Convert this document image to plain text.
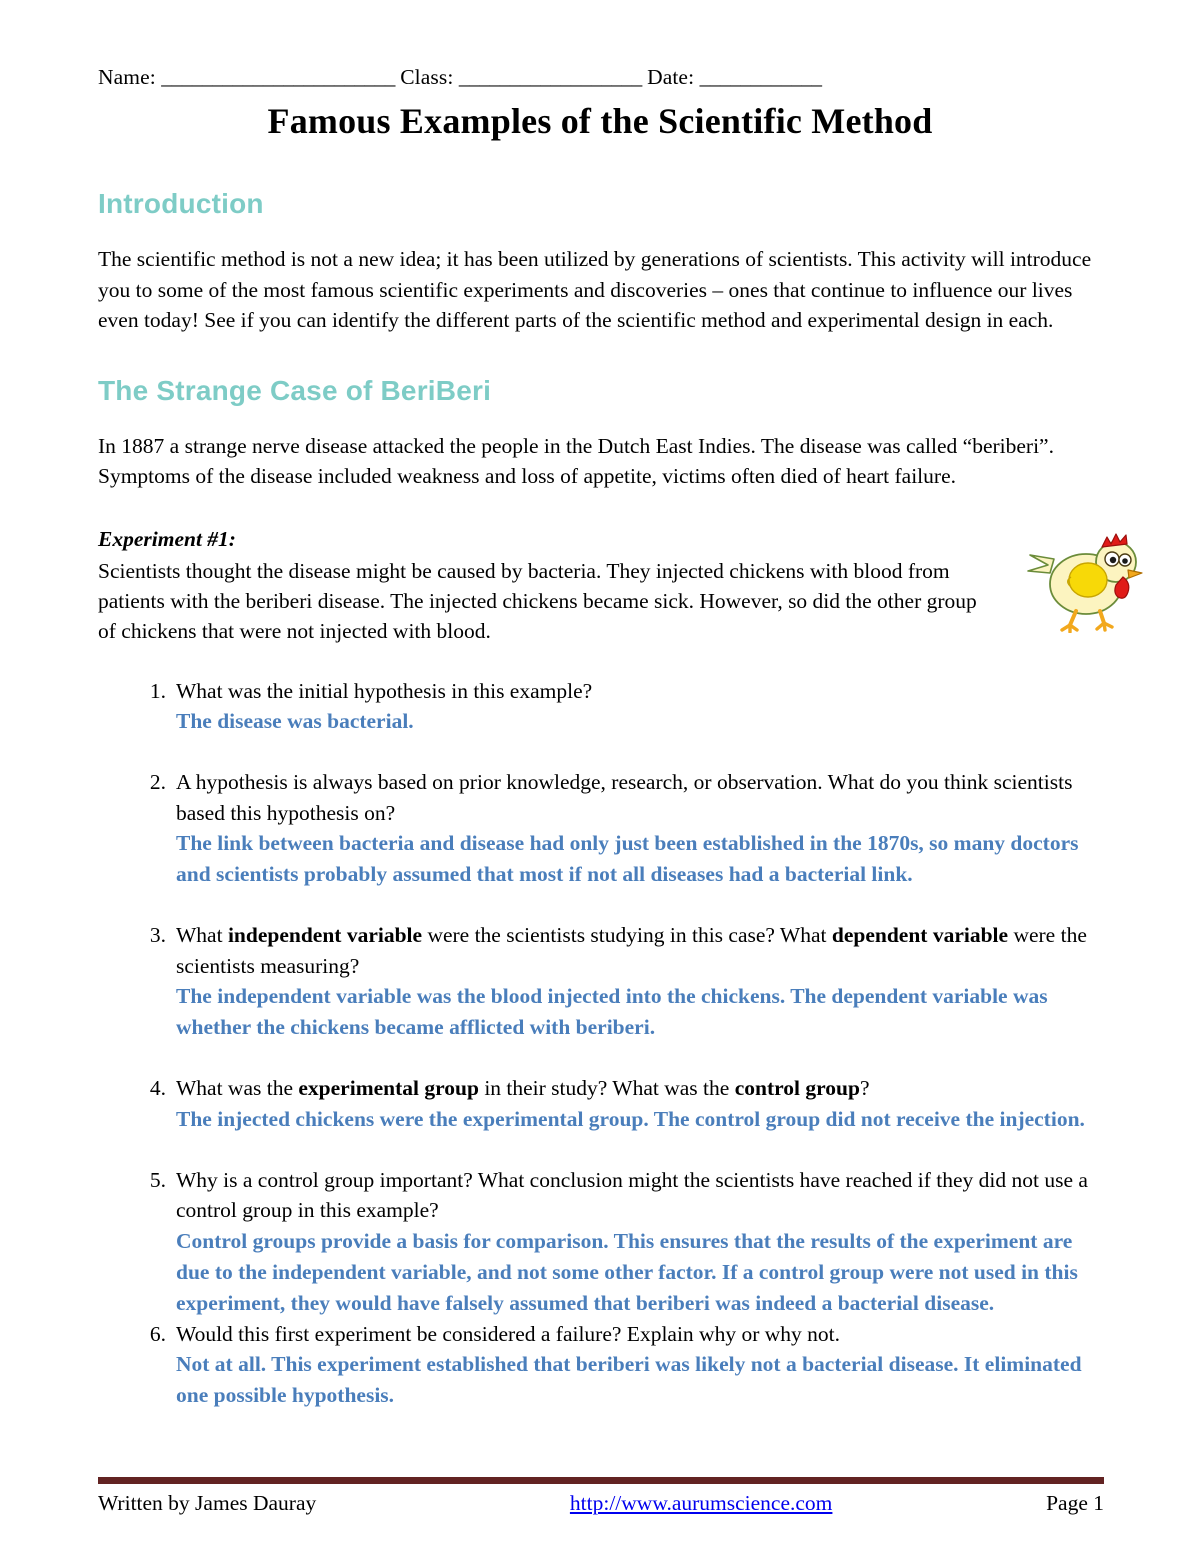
Name: _______________________ Class: __________________ Date: ____________
Famous Examples of the Scientific Method
Introduction

The scientific method is not a new idea; it has been utilized by generations of scientists. This activity will introduce you to some of the most famous scientific experiments and discoveries – ones that continue to influence our lives even today! See if you can identify the different parts of the scientific method and experimental design in each.

The Strange Case of BeriBeri

In 1887 a strange nerve disease attacked the people in the Dutch East Indies. The disease was called “beriberi”. Symptoms of the disease included weakness and loss of appetite, victims often died of heart failure.

Experiment #1:

Scientists thought the disease might be caused by bacteria. They injected chickens with blood from patients with the beriberi disease. The injected chickens became sick. However, so did the other group of chickens that were not injected with blood.

What was the initial hypothesis in this example?
The disease was bacterial.
A hypothesis is always based on prior knowledge, research, or observation. What do you think scientists based this hypothesis on?
The link between bacteria and disease had only just been established in the 1870s, so many doctors and scientists probably assumed that most if not all diseases had a bacterial link.
What independent variable were the scientists studying in this case? What dependent variable were the scientists measuring?
The independent variable was the blood injected into the chickens. The dependent variable was whether the chickens became afflicted with beriberi.
What was the experimental group in their study? What was the control group?
The injected chickens were the experimental group. The control group did not receive the injection.
Why is a control group important? What conclusion might the scientists have reached if they did not use a control group in this example?
Control groups provide a basis for comparison. This ensures that the results of the experiment are due to the independent variable, and not some other factor. If a control group were not used in this experiment, they would have falsely assumed that beriberi was indeed a bacterial disease.
Would this first experiment be considered a failure? Explain why or why not.
Not at all. This experiment established that beriberi was likely not a bacterial disease. It eliminated one possible hypothesis.
Written by James Dauray	http://www.aurumscience.com	Page 1
